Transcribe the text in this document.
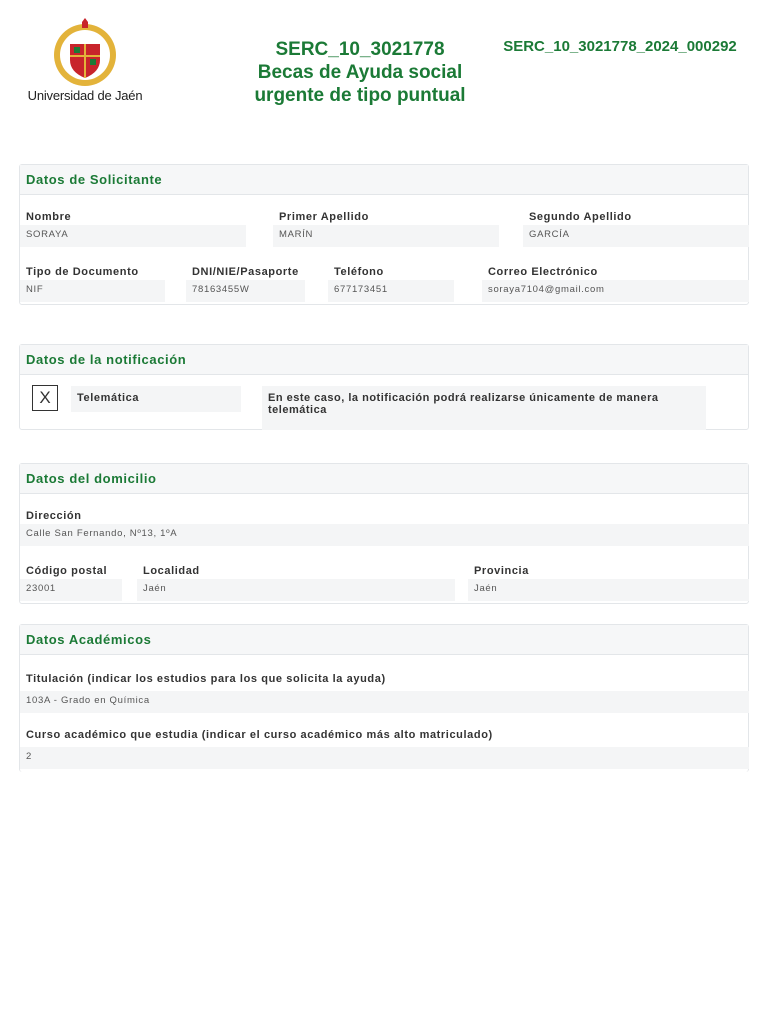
Universidad de Jaén
SERC_10_3021778
Becas de Ayuda social
urgente de tipo puntual
SERC_10_3021778_2024_000292
Datos de Solicitante
Nombre
SORAYA
Primer Apellido
MARÍN
Segundo Apellido
GARCÍA
Tipo de Documento
NIF
DNI/NIE/Pasaporte
78163455W
Teléfono
677173451
Correo Electrónico
soraya7104@gmail.com
Datos de la notificación
X	Telemática	En este caso, la notificación podrá realizarse únicamente de manera telemática
Datos del domicilio
Dirección
Calle San Fernando, Nº13, 1ºA
Código postal
23001
Localidad
Jaén
Provincia
Jaén
Datos Académicos
Titulación (indicar los estudios para los que solicita la ayuda)
103A - Grado en Química
Curso académico que estudia (indicar el curso académico más alto matriculado)
2
